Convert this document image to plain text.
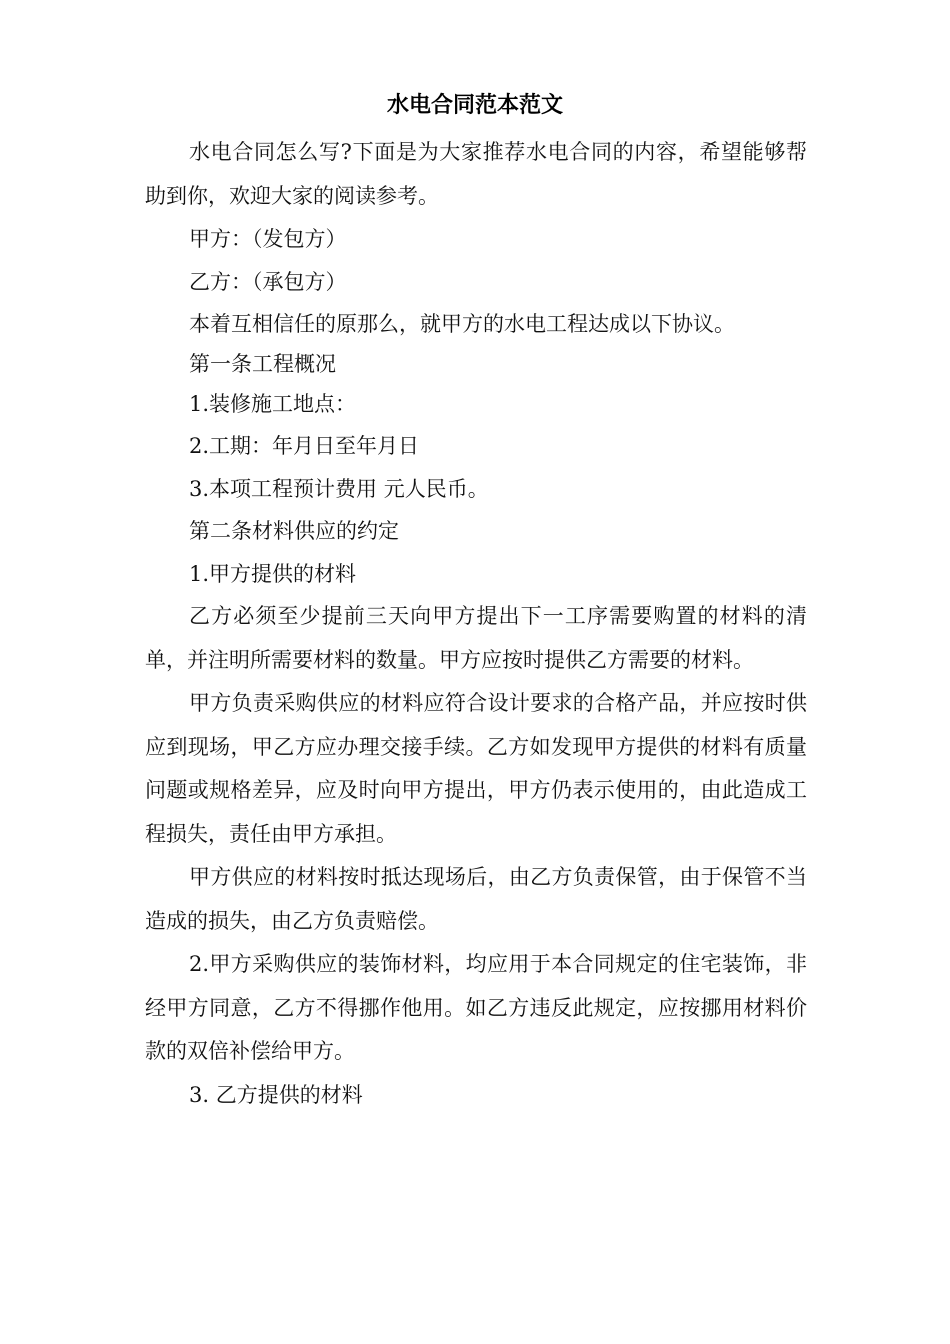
水电合同范本范文

水电合同怎么写?下面是为大家推荐水电合同的内容，希望能够帮助到你，欢迎大家的阅读参考。

甲方：（发包方）

乙方：（承包方）

本着互相信任的原那么，就甲方的水电工程达成以下协议。

第一条工程概况

1.装修施工地点：

2.工期：年月日至年月日

3.本项工程预计费用 元人民币。

第二条材料供应的约定

1.甲方提供的材料

乙方必须至少提前三天向甲方提出下一工序需要购置的材料的清单，并注明所需要材料的数量。甲方应按时提供乙方需要的材料。

甲方负责采购供应的材料应符合设计要求的合格产品，并应按时供应到现场，甲乙方应办理交接手续。乙方如发现甲方提供的材料有质量问题或规格差异，应及时向甲方提出，甲方仍表示使用的，由此造成工程损失，责任由甲方承担。

甲方供应的材料按时抵达现场后，由乙方负责保管，由于保管不当造成的损失，由乙方负责赔偿。

2.甲方采购供应的装饰材料，均应用于本合同规定的住宅装饰，非经甲方同意，乙方不得挪作他用。如乙方违反此规定，应按挪用材料价款的双倍补偿给甲方。

3. 乙方提供的材料
